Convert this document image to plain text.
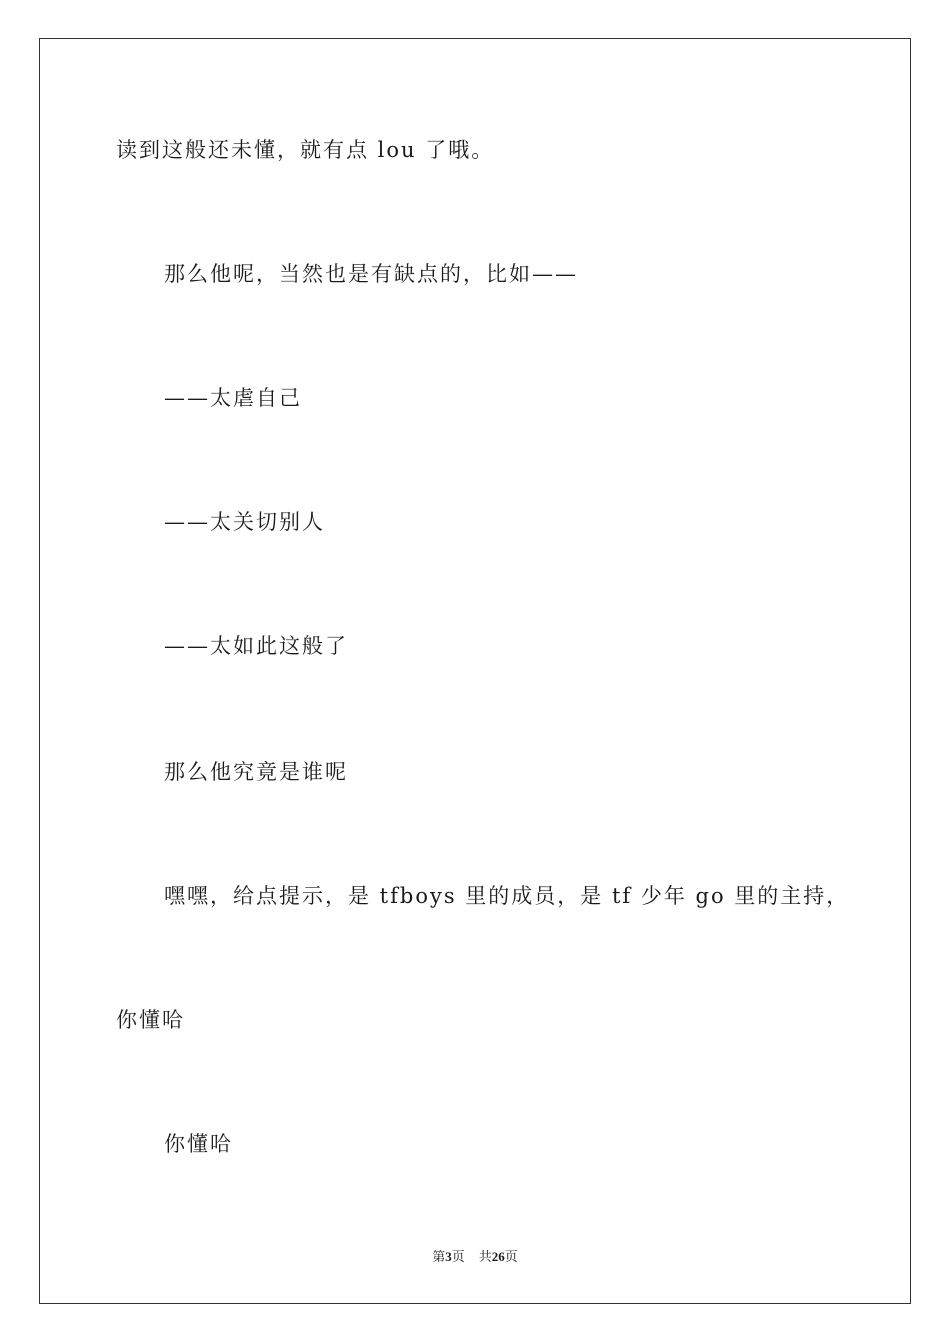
读到这般还未懂，就有点 lou 了哦。
那么他呢，当然也是有缺点的，比如——
——太虐自己
——太关切别人
——太如此这般了
那么他究竟是谁呢
嘿嘿，给点提示，是 tfboys 里的成员，是 tf 少年 go 里的主持，
你懂哈
你懂哈
第3页 共26页
